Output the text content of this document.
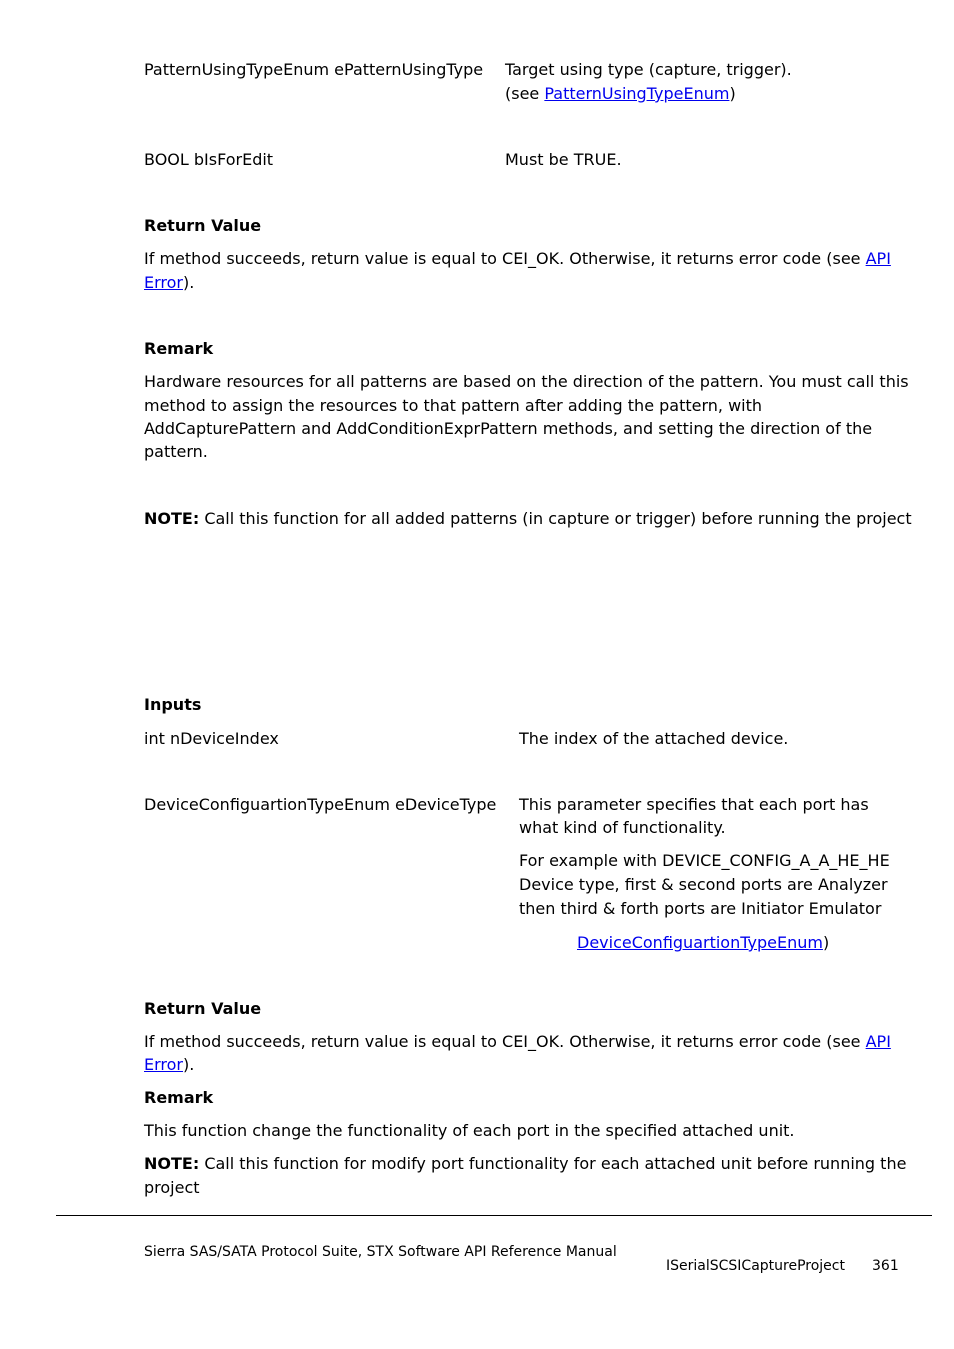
PatternUsingTypeEnum ePatternUsingType Target using type (capture, trigger).
(see PatternUsingTypeEnum)
BOOL bIsForEdit	Must be TRUE.
Return Value
If method succeeds, return value is equal to CEI_OK. Otherwise, it returns error code (see API
Error).
Remark
Hardware resources for all patterns are based on the direction of the pattern. You must call this
method to assign the resources to that pattern after adding the pattern, with
AddCapturePattern and AddConditionExprPattern methods, and setting the direction of the
pattern.
NOTE: Call this function for all added patterns (in capture or trigger) before running the project
Inputs
int nDeviceIndex	The index of the attached device.
DeviceConfiguartionTypeEnum eDeviceType This parameter specifies that each port has
what kind of functionality.
For example with DEVICE_CONFIG_A_A_HE_HE
Device type, first & second ports are Analyzer
then third & forth ports are Initiator Emulator
DeviceConfiguartionTypeEnum)
Return Value
If method succeeds, return value is equal to CEI_OK. Otherwise, it returns error code (see API
Error).
Remark
This function change the functionality of each port in the specified attached unit.
NOTE: Call this function for modify port functionality for each attached unit before running the
project
Sierra SAS/SATA Protocol Suite, STX Software API Reference Manual
ISerialSCSICaptureProject 361
